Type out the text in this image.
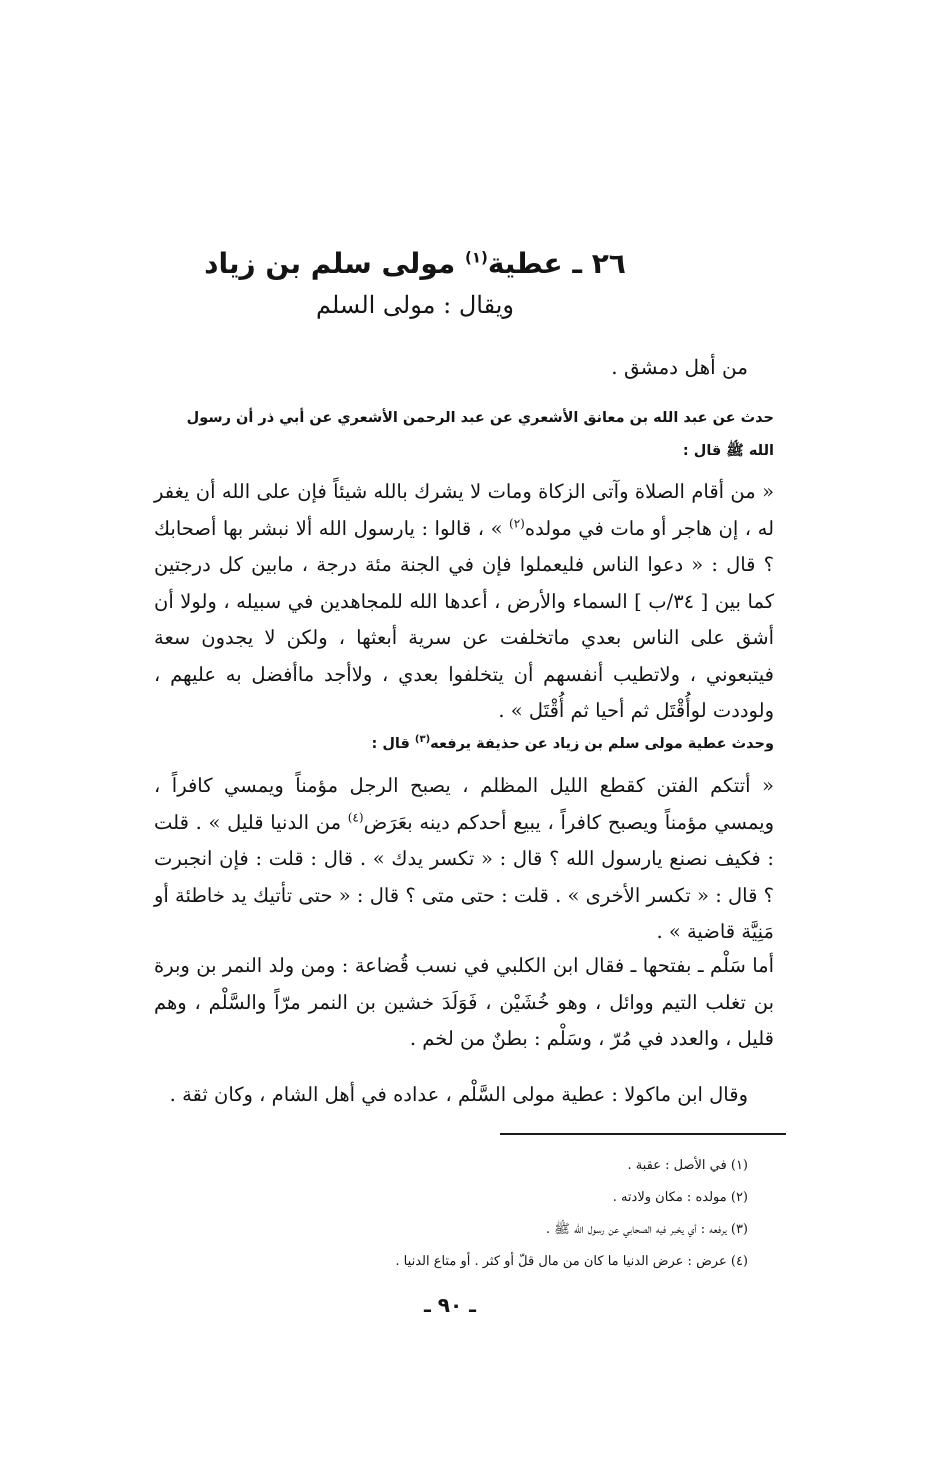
٢٦ ـ عطية$^{(١)}$ مولى سلم بن زياد
ويقال : مولى السلم
من أهل دمشق .
حدث عن عبد الله بن معانق الأشعري عن عبد الرحمن الأشعري عن أبي ذر أن رسول الله ﷺ قال :
« من أقام الصلاة وآتى الزكاة ومات لا يشرك بالله شيئاً فإن على الله أن يغفر له ، إن هاجر أو مات في مولده$^{(٢)}$ » ، قالوا : يارسول الله ألا نبشر بها أصحابك ؟ قال : « دعوا الناس فليعملوا فإن في الجنة مئة درجة ، مابين كل درجتين كما بين [ ٣٤/ب ] السماء والأرض ، أعدها الله للمجاهدين في سبيله ، ولولا أن أشق على الناس بعدي ماتخلفت عن سرية أبعثها ، ولكن لا يجدون سعة فيتبعوني ، ولاتطيب أنفسهم أن يتخلفوا بعدي ، ولاأجد ماأفضل به عليهم ، ولوددت لوأُقْتَل ثم أحيا ثم أُقْتَل » .
وحدث عطية مولى سلم بن زياد عن حذيفة يرفعه$^{(٣)}$ قال :
« أتتكم الفتن كقطع الليل المظلم ، يصبح الرجل مؤمناً ويمسي كافراً ، ويمسي مؤمناً ويصبح كافراً ، يبيع أحدكم دينه بعَرَض$^{(٤)}$ من الدنيا قليل » . قلت : فكيف نصنع يارسول الله ؟ قال : « تكسر يدك » . قال : قلت : فإن انجبرت ؟ قال : « تكسر الأخرى » . قلت : حتى متى ؟ قال : « حتى تأتيك يد خاطئة أو مَنِيَّة قاضية » .
أما سَلْم ـ بفتحها ـ فقال ابن الكلبي في نسب قُضاعة : ومن ولد النمر بن وبرة بن تغلب التيم ووائل ، وهو خُشَيْن ، فَوَلَدَ خشين بن النمر مرّاً والسَّلْم ، وهم قليل ، والعدد في مُرّ ، وسَلْم : بطنٌ من لخم .
وقال ابن ماكولا : عطية مولى السَّلْم ، عداده في أهل الشام ، وكان ثقة .
(١) في الأصل : عقبة .
(٢) مولده : مكان ولادته .
(٣) يرفعه : أي يخبر فيه الصحابي عن رسول الله ﷺ .
(٤) عرض : عرض الدنيا ما كان من مال قلّ أو كثر . أو متاع الدنيا .
ـ ٩٠ ـ
